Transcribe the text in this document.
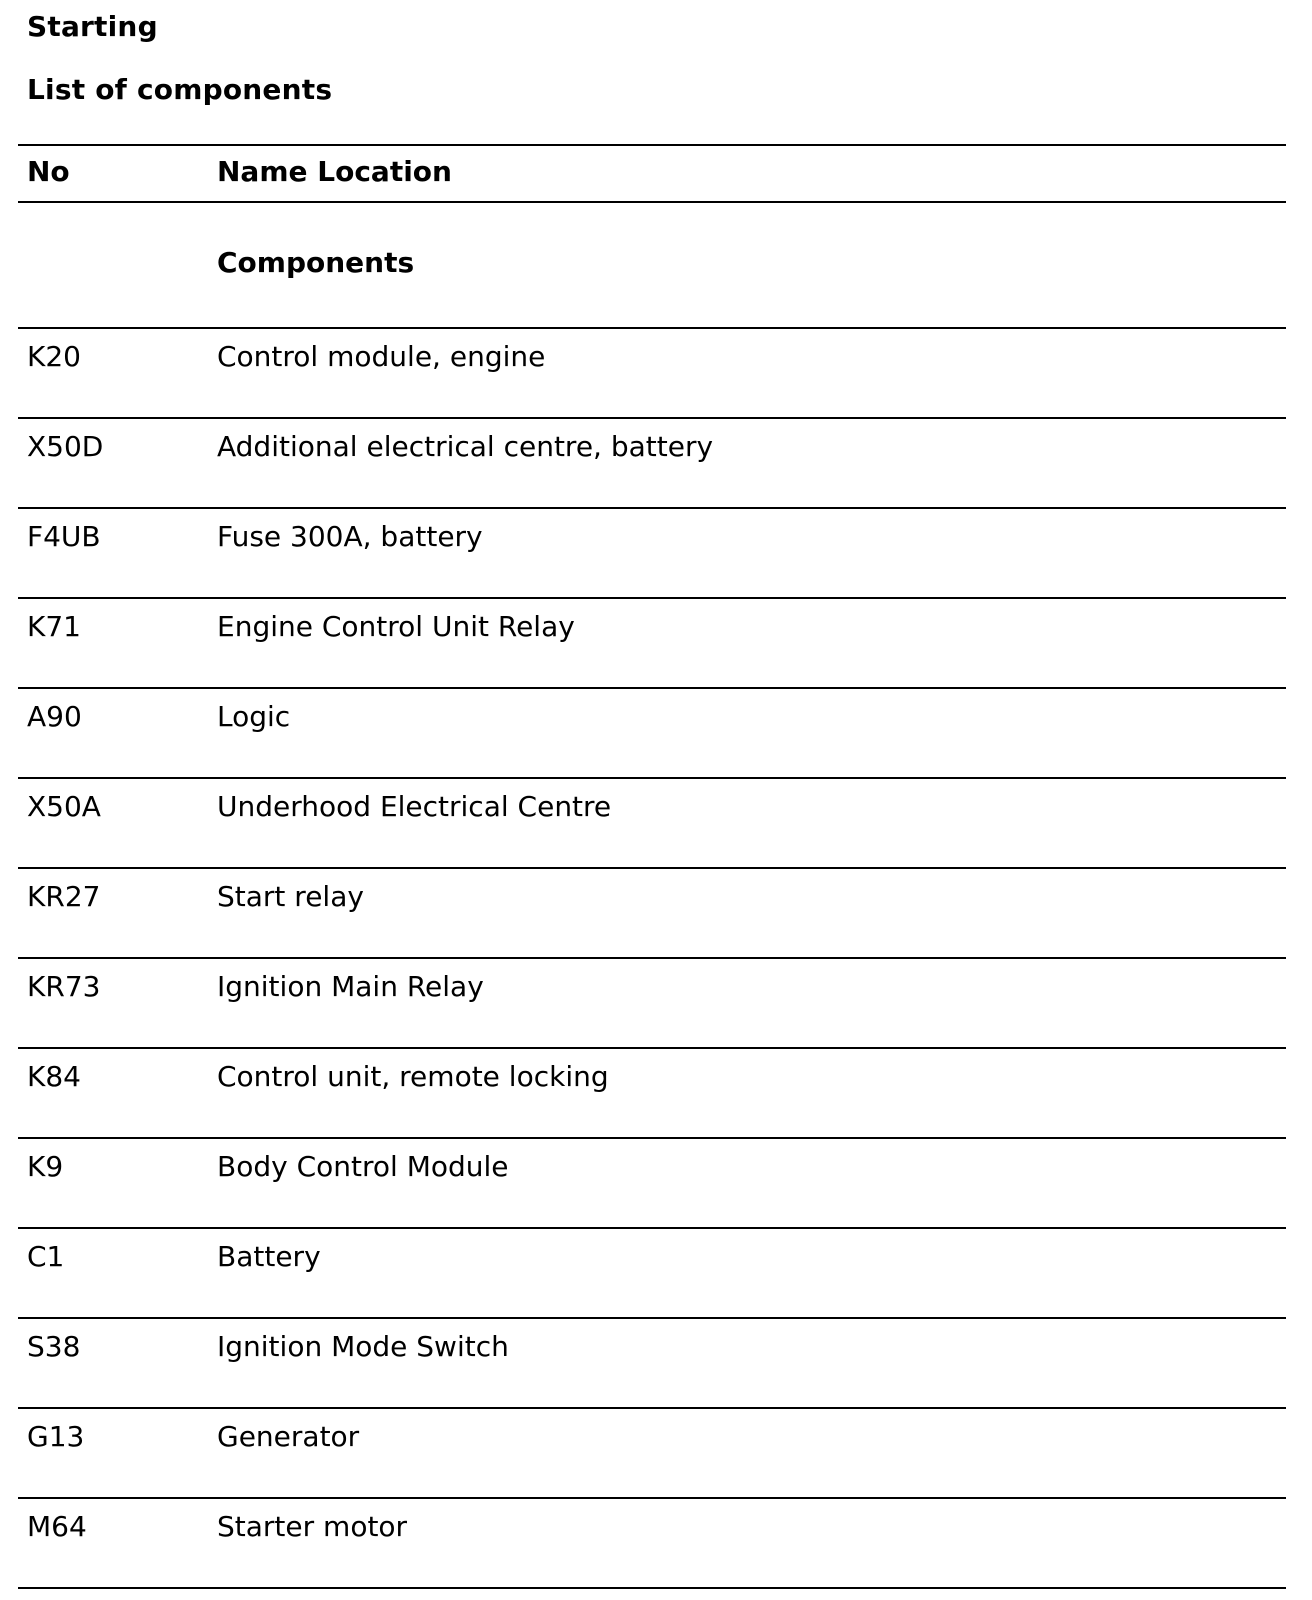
Starting
List of components
No	Name Location
Components
K20	Control module, engine
X50D	Additional electrical centre, battery
F4UB	Fuse 300A, battery
K71	Engine Control Unit Relay
A90	Logic
X50A	Underhood Electrical Centre
KR27	Start relay
KR73	Ignition Main Relay
K84	Control unit, remote locking
K9	Body Control Module
C1	Battery
S38	Ignition Mode Switch
G13	Generator
M64	Starter motor
